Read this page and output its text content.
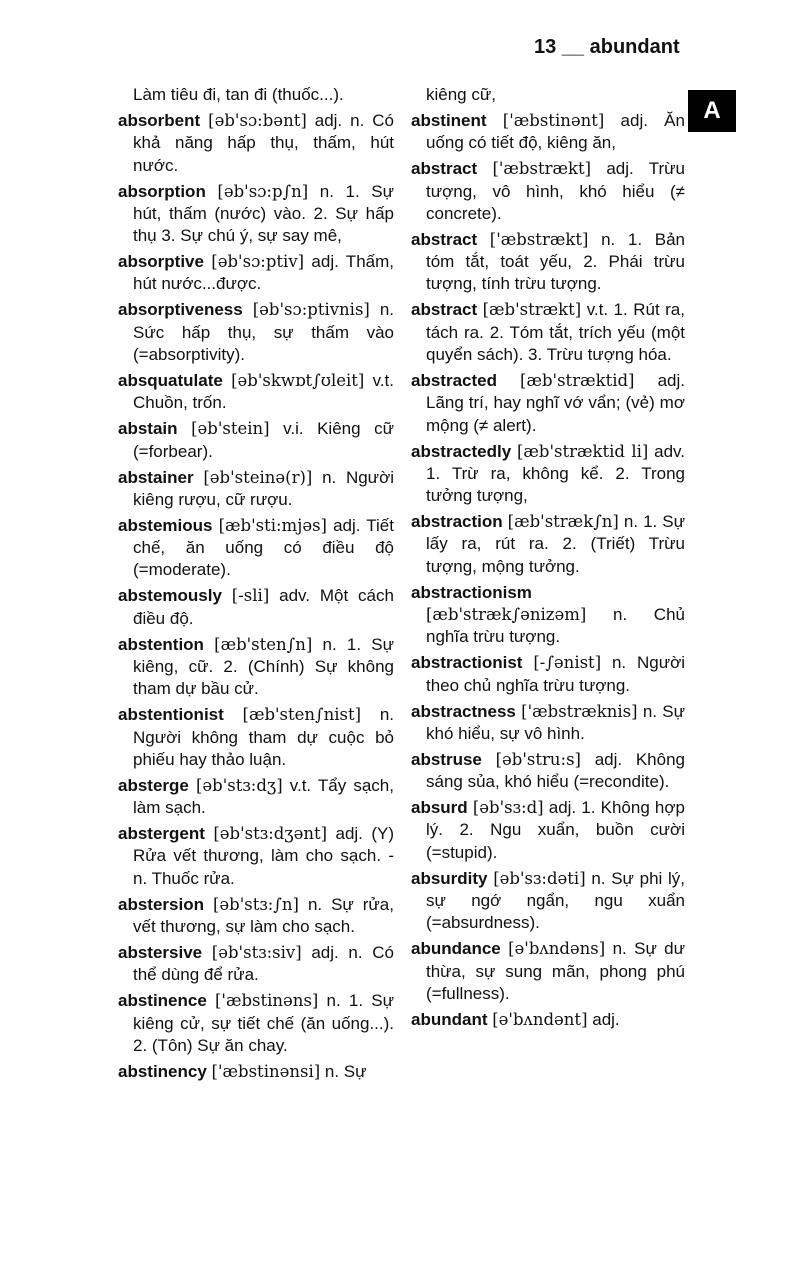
13 __ abundant
A

Làm tiêu đi, tan đi (thuốc...).

absorbent [əb'sɔ:bənt] adj. n. Có khả năng hấp thụ, thấm, hút nước.

absorption [əb'sɔ:p∫n] n. 1. Sự hút, thấm (nước) vào. 2. Sự hấp thụ 3. Sự chú ý, sự say mê,

absorptive [əb'sɔ:ptiv] adj. Thấm, hút nước...được.

absorptiveness [əb'sɔ:ptivnis] n. Sức hấp thụ, sự thấm vào (=absorptivity).

absquatulate [əb'skwɒt∫ʊleit] v.t. Chuồn, trốn.

abstain [əb'stein] v.i. Kiêng cữ (=forbear).

abstainer [əb'steinə(r)] n. Người kiêng rượu, cữ rượu.

abstemious [æb'sti:mjəs] adj. Tiết chế, ăn uống có điều độ (=moderate).

abstemously [-sli] adv. Một cách điều độ.

abstention [æb'sten∫n] n. 1. Sự kiêng, cữ. 2. (Chính) Sự không tham dự bầu cử.

abstentionist [æb'sten∫nist] n. Người không tham dự cuộc bỏ phiếu hay thảo luận.

absterge [əb'stɜ:dʒ] v.t. Tẩy sạch, làm sạch.

abstergent [əb'stɜ:dʒənt] adj. (Y) Rửa vết thương, làm cho sạch. - n. Thuốc rửa.

abstersion [əb'stɜ:∫n] n. Sự rửa, vết thương, sự làm cho sạch.

abstersive [əb'stɜ:siv] adj. n. Có thể dùng để rửa.

abstinence ['æbstinəns] n. 1. Sự kiêng cử, sự tiết chế (ăn uống...). 2. (Tôn) Sự ăn chay.

abstinency ['æbstinənsi] n. Sự

kiêng cữ,

abstinent ['æbstinənt] adj. Ăn uống có tiết độ, kiêng ăn,

abstract ['æbstrækt] adj. Trừu tượng, vô hình, khó hiểu (≠ concrete).

abstract ['æbstrækt] n. 1. Bản tóm tắt, toát yếu, 2. Phái trừu tượng, tính trừu tượng.

abstract [æb'strækt] v.t. 1. Rút ra, tách ra. 2. Tóm tắt, trích yếu (một quyển sách). 3. Trừu tượng hóa.

abstracted [æb'stræktid] adj. Lãng trí, hay nghĩ vớ vẩn; (vẻ) mơ mộng (≠ alert).

abstractedly [æb'stræktid li] adv. 1. Trừ ra, không kể. 2. Trong tưởng tượng,

abstraction [æb'stræk∫n] n. 1. Sự lấy ra, rút ra. 2. (Triết) Trừu tượng, mộng tưởng.

abstractionism [æb'stræk∫ənizəm] n. Chủ nghĩa trừu tượng.

abstractionist [-∫ənist] n. Người theo chủ nghĩa trừu tượng.

abstractness ['æbstræknis] n. Sự khó hiểu, sự vô hình.

abstruse [əb'stru:s] adj. Không sáng sủa, khó hiểu (=recondite).

absurd [əb'sɜ:d] adj. 1. Không hợp lý. 2. Ngu xuẩn, buồn cười (=stupid).

absurdity [əb'sɜ:dəti] n. Sự phi lý, sự ngớ ngẩn, ngu xuẩn (=absurdness).

abundance [ə'bʌndəns] n. Sự dư thừa, sự sung mãn, phong phú (=fullness).

abundant [ə'bʌndənt] adj.
